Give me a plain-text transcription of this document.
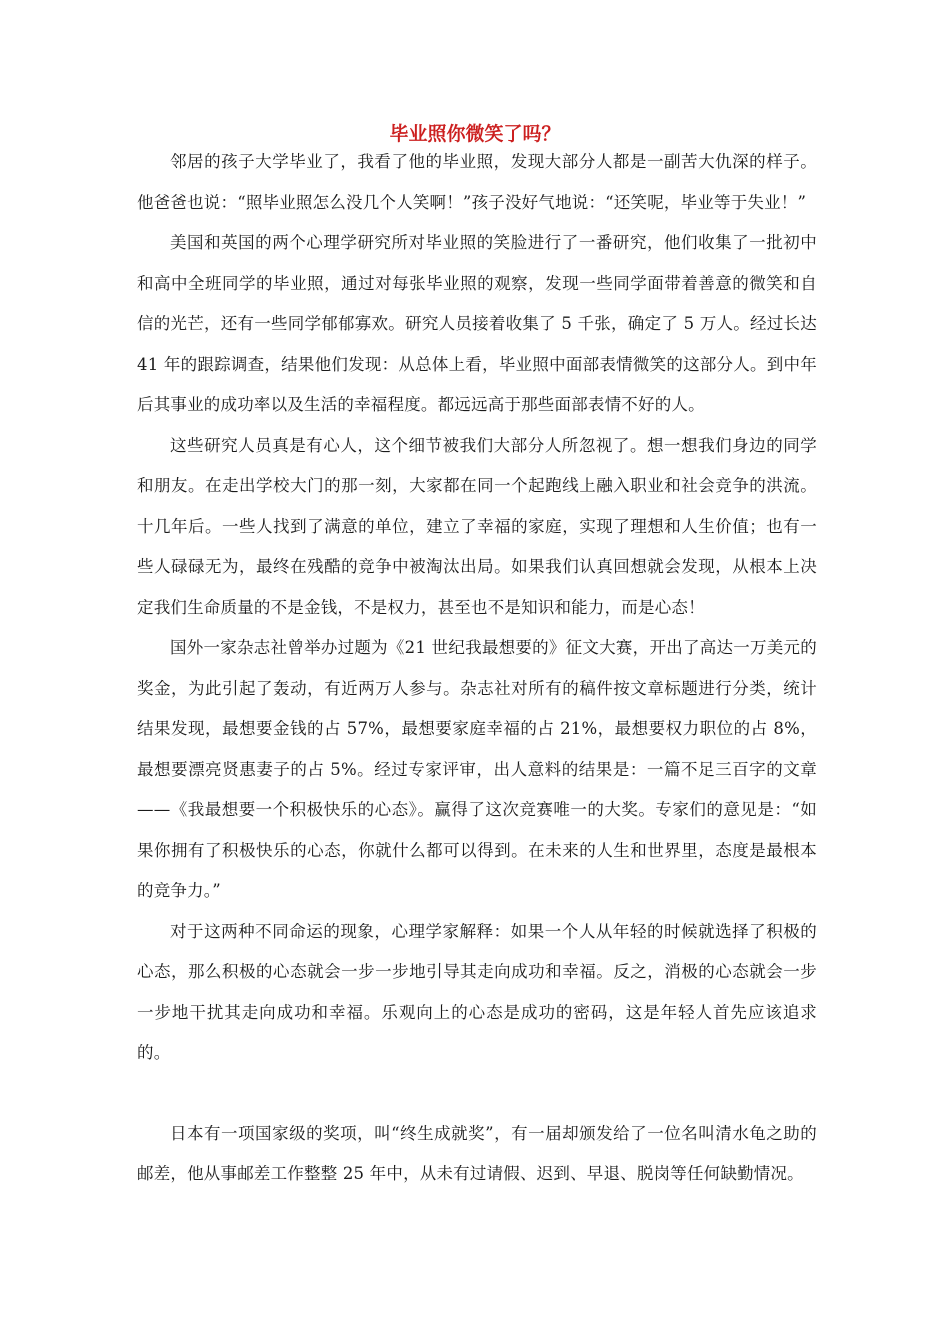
毕业照你微笑了吗？

邻居的孩子大学毕业了，我看了他的毕业照，发现大部分人都是一副苦大仇深的样子。他爸爸也说：“照毕业照怎么没几个人笑啊！”孩子没好气地说：“还笑呢，毕业等于失业！”

美国和英国的两个心理学研究所对毕业照的笑脸进行了一番研究，他们收集了一批初中和高中全班同学的毕业照，通过对每张毕业照的观察，发现一些同学面带着善意的微笑和自信的光芒，还有一些同学郁郁寡欢。研究人员接着收集了 5 千张，确定了 5 万人。经过长达 41 年的跟踪调查，结果他们发现：从总体上看，毕业照中面部表情微笑的这部分人。到中年后其事业的成功率以及生活的幸福程度。都远远高于那些面部表情不好的人。

这些研究人员真是有心人，这个细节被我们大部分人所忽视了。想一想我们身边的同学和朋友。在走出学校大门的那一刻，大家都在同一个起跑线上融入职业和社会竞争的洪流。十几年后。一些人找到了满意的单位，建立了幸福的家庭，实现了理想和人生价值；也有一些人碌碌无为，最终在残酷的竞争中被淘汰出局。如果我们认真回想就会发现，从根本上决定我们生命质量的不是金钱，不是权力，甚至也不是知识和能力，而是心态！

国外一家杂志社曾举办过题为《21 世纪我最想要的》征文大赛，开出了高达一万美元的奖金，为此引起了轰动，有近两万人参与。杂志社对所有的稿件按文章标题进行分类，统计结果发现，最想要金钱的占 57%，最想要家庭幸福的占 21%，最想要权力职位的占 8%，最想要漂亮贤惠妻子的占 5%。经过专家评审，出人意料的结果是：一篇不足三百字的文章——《我最想要一个积极快乐的心态》。赢得了这次竞赛唯一的大奖。专家们的意见是：“如果你拥有了积极快乐的心态，你就什么都可以得到。在未来的人生和世界里，态度是最根本的竞争力。”

对于这两种不同命运的现象，心理学家解释：如果一个人从年轻的时候就选择了积极的心态，那么积极的心态就会一步一步地引导其走向成功和幸福。反之，消极的心态就会一步一步地干扰其走向成功和幸福。乐观向上的心态是成功的密码，这是年轻人首先应该追求的。

日本有一项国家级的奖项，叫“终生成就奖”，有一届却颁发给了一位名叫清水龟之助的邮差，他从事邮差工作整整 25 年中，从未有过请假、迟到、早退、脱岗等任何缺勤情况。
